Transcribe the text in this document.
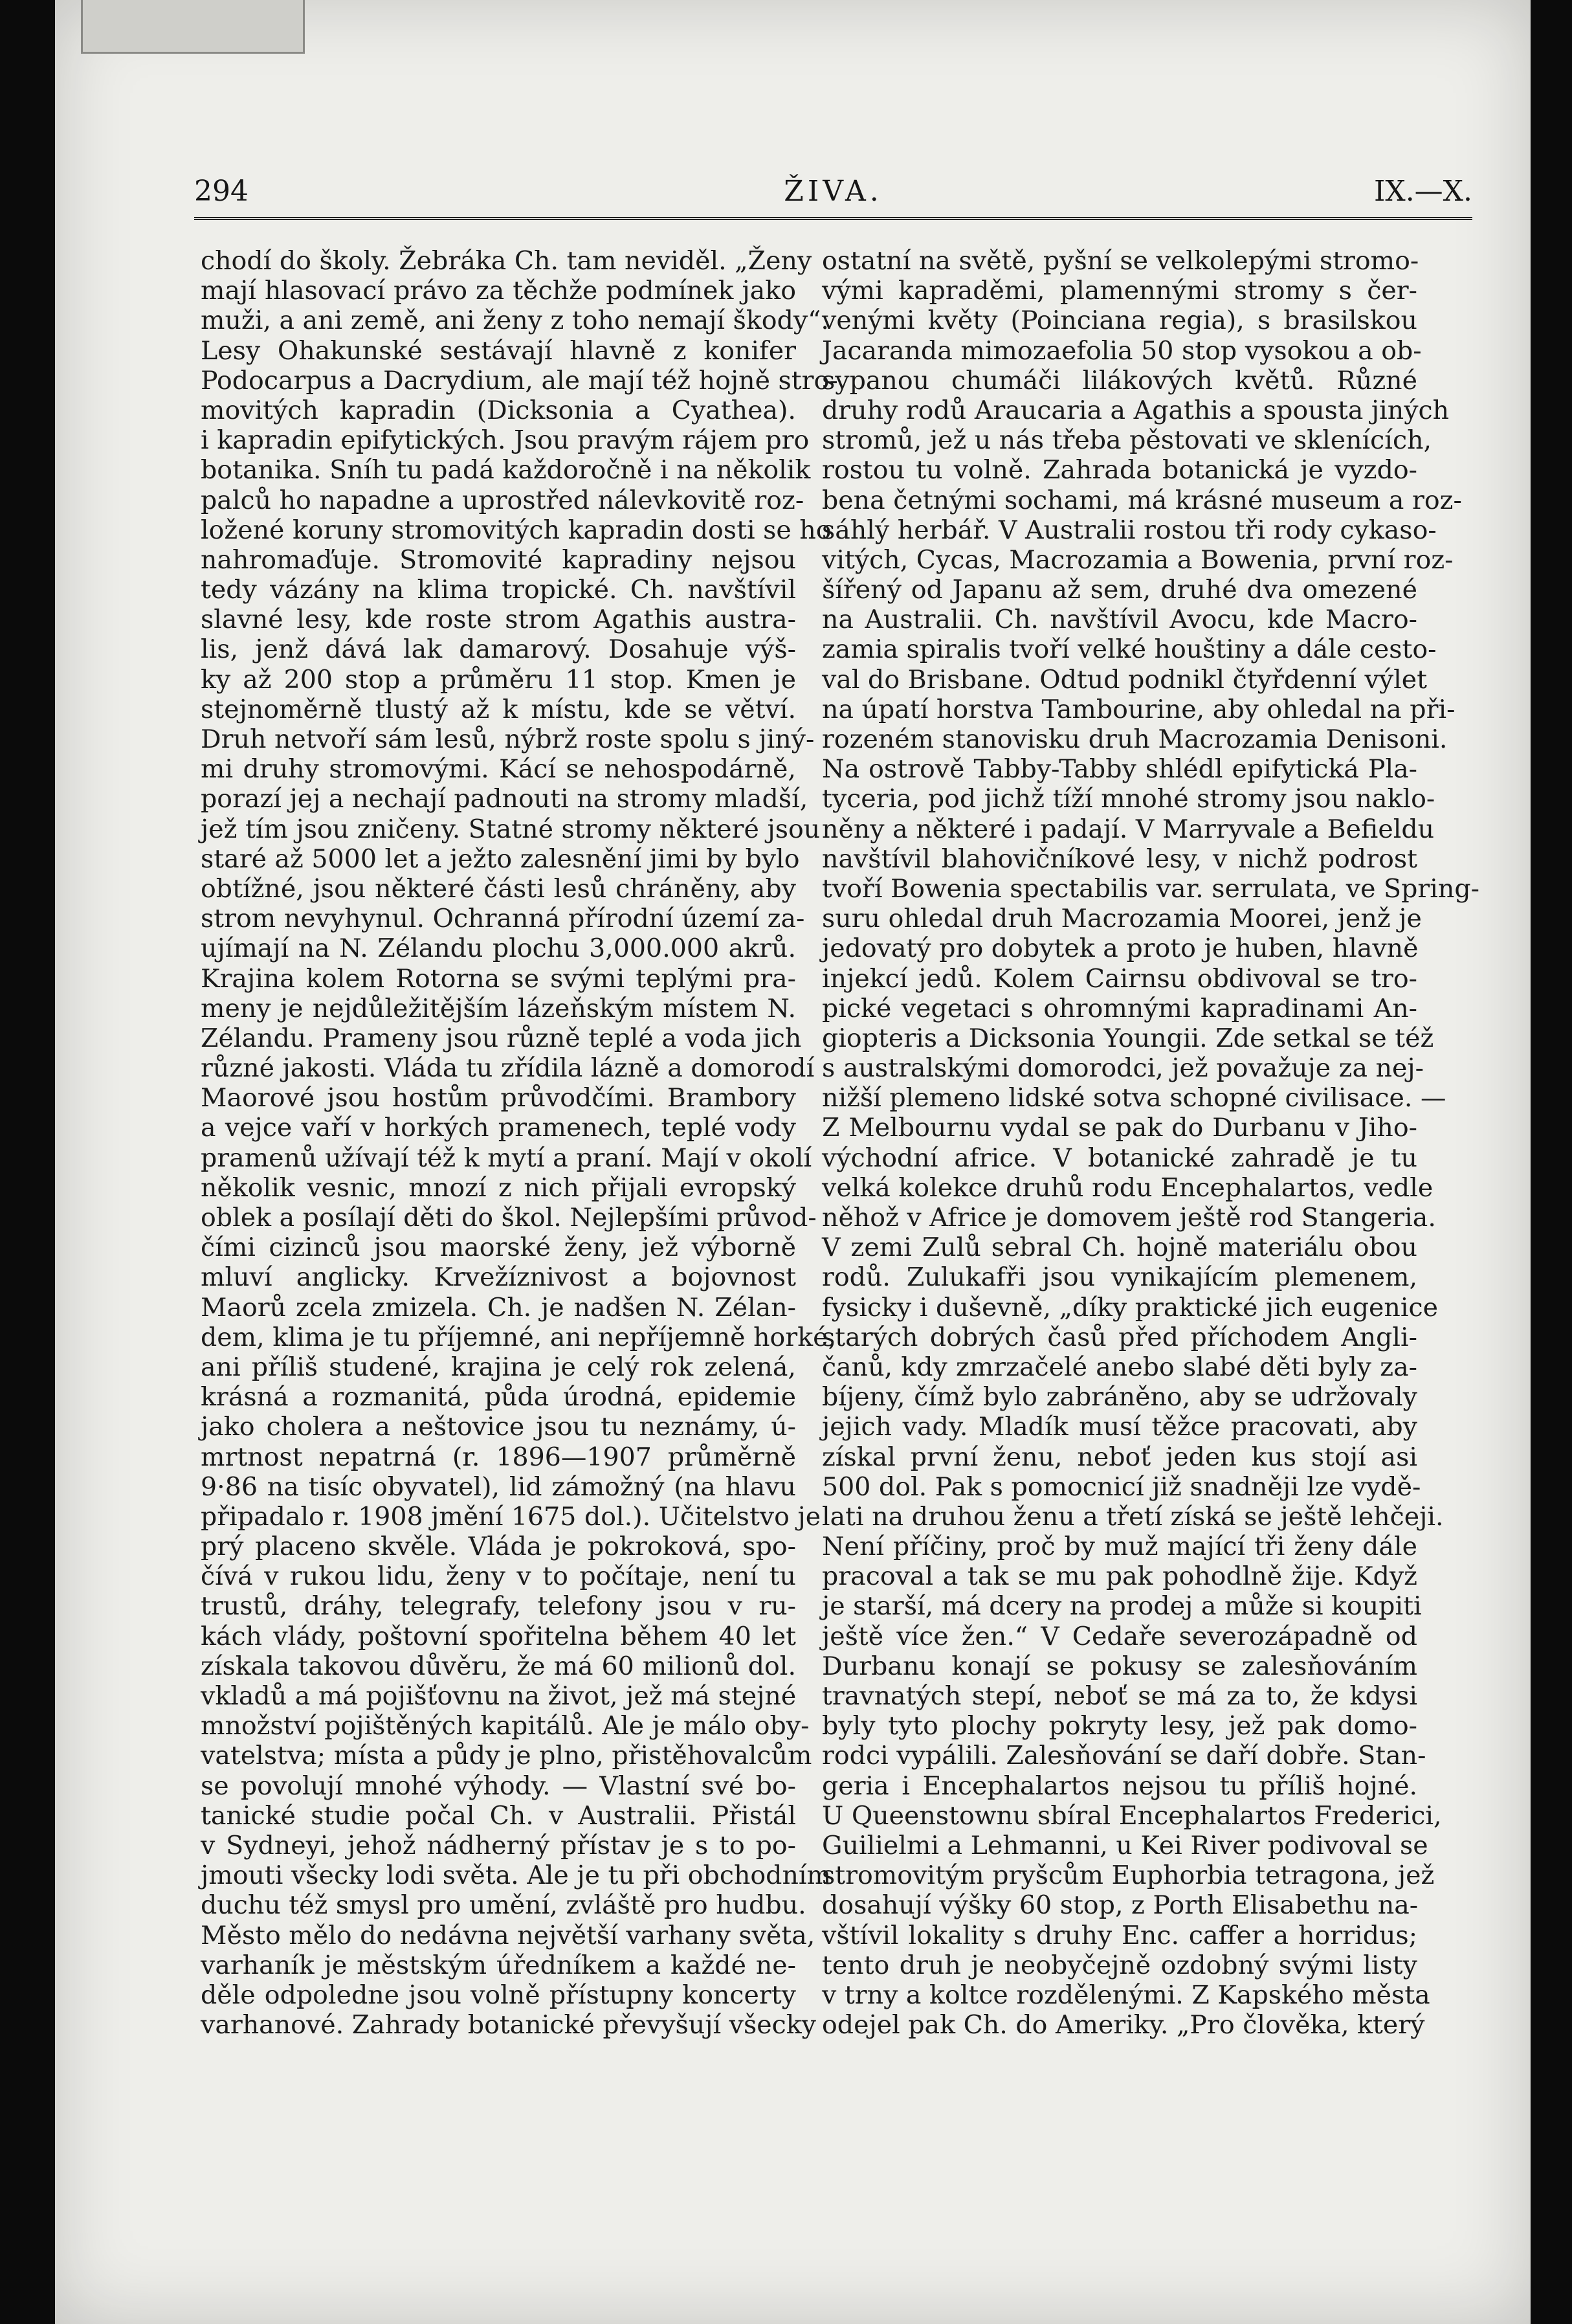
294	ŽIVA.	IX.—X.
chodí do školy. Žebráka Ch. tam neviděl. „Ženy
mají hlasovací právo za těchže podmínek jako
muži, a ani země, ani ženy z toho nemají škody“.
Lesy Ohakunské sestávají hlavně z konifer
Podocarpus a Dacrydium, ale mají též hojně stro-
movitých kapradin (Dicksonia a Cyathea).
i kapradin epifytických. Jsou pravým rájem pro
botanika. Sníh tu padá každoročně i na několik
palců ho napadne a uprostřed nálevkovitě roz-
ložené koruny stromovitých kapradin dosti se ho
nahromaďuje. Stromovité kapradiny nejsou
tedy vázány na klima tropické. Ch. navštívil
slavné lesy, kde roste strom Agathis austra-
lis, jenž dává lak damarový. Dosahuje výš-
ky až 200 stop a průměru 11 stop. Kmen je
stejnoměrně tlustý až k místu, kde se větví.
Druh netvoří sám lesů, nýbrž roste spolu s jiný-
mi druhy stromovými. Kácí se nehospodárně,
porazí jej a nechají padnouti na stromy mladší,
jež tím jsou zničeny. Statné stromy některé jsou
staré až 5000 let a ježto zalesnění jimi by bylo
obtížné, jsou některé části lesů chráněny, aby
strom nevyhynul. Ochranná přírodní území za-
ujímají na N. Zélandu plochu 3,000.000 akrů.
Krajina kolem Rotorna se svými teplými pra-
meny je nejdůležitějším lázeňským místem N.
Zélandu. Prameny jsou různě teplé a voda jich
různé jakosti. Vláda tu zřídila lázně a domorodí
Maorové jsou hostům průvodčími. Brambory
a vejce vaří v horkých pramenech, teplé vody
pramenů užívají též k mytí a praní. Mají v okolí
několik vesnic, mnozí z nich přijali evropský
oblek a posílají děti do škol. Nejlepšími průvod-
čími cizinců jsou maorské ženy, jež výborně
mluví anglicky. Krvežíznivost a bojovnost
Maorů zcela zmizela. Ch. je nadšen N. Zélan-
dem, klima je tu příjemné, ani nepříjemně horké,
ani příliš studené, krajina je celý rok zelená,
krásná a rozmanitá, půda úrodná, epidemie
jako cholera a neštovice jsou tu neznámy, ú-
mrtnost nepatrná (r. 1896—1907 průměrně
9·86 na tisíc obyvatel), lid zámožný (na hlavu
připadalo r. 1908 jmění 1675 dol.). Učitelstvo je
prý placeno skvěle. Vláda je pokroková, spo-
čívá v rukou lidu, ženy v to počítaje, není tu
trustů, dráhy, telegrafy, telefony jsou v ru-
kách vlády, poštovní spořitelna během 40 let
získala takovou důvěru, že má 60 milionů dol.
vkladů a má pojišťovnu na život, jež má stejné
množství pojištěných kapitálů. Ale je málo oby-
vatelstva; místa a půdy je plno, přistěhovalcům
se povolují mnohé výhody. — Vlastní své bo-
tanické studie počal Ch. v Australii. Přistál
v Sydneyi, jehož nádherný přístav je s to po-
jmouti všecky lodi světa. Ale je tu při obchodním
duchu též smysl pro umění, zvláště pro hudbu.
Město mělo do nedávna největší varhany světa,
varhaník je městským úředníkem a každé ne-
děle odpoledne jsou volně přístupny koncerty
varhanové. Zahrady botanické převyšují všecky
ostatní na světě, pyšní se velkolepými stromo-
vými kapraděmi, plamennými stromy s čer-
venými květy (Poinciana regia), s brasilskou
Jacaranda mimozaefolia 50 stop vysokou a ob-
sypanou chumáči lilákových květů. Různé
druhy rodů Araucaria a Agathis a spousta jiných
stromů, jež u nás třeba pěstovati ve sklenících,
rostou tu volně. Zahrada botanická je vyzdo-
bena četnými sochami, má krásné museum a roz-
sáhlý herbář. V Australii rostou tři rody cykaso-
vitých, Cycas, Macrozamia a Bowenia, první roz-
šířený od Japanu až sem, druhé dva omezené
na Australii. Ch. navštívil Avocu, kde Macro-
zamia spiralis tvoří velké houštiny a dále cesto-
val do Brisbane. Odtud podnikl čtyřdenní výlet
na úpatí horstva Tambourine, aby ohledal na při-
rozeném stanovisku druh Macrozamia Denisoni.
Na ostrově Tabby-Tabby shlédl epifytická Pla-
tyceria, pod jichž tíží mnohé stromy jsou naklo-
něny a některé i padají. V Marryvale a Befieldu
navštívil blahovičníkové lesy, v nichž podrost
tvoří Bowenia spectabilis var. serrulata, ve Spring-
suru ohledal druh Macrozamia Moorei, jenž je
jedovatý pro dobytek a proto je huben, hlavně
injekcí jedů. Kolem Cairnsu obdivoval se tro-
pické vegetaci s ohromnými kapradinami An-
giopteris a Dicksonia Youngii. Zde setkal se též
s australskými domorodci, jež považuje za nej-
nižší plemeno lidské sotva schopné civilisace. —
Z Melbournu vydal se pak do Durbanu v Jiho-
východní africe. V botanické zahradě je tu
velká kolekce druhů rodu Encephalartos, vedle
něhož v Africe je domovem ještě rod Stangeria.
V zemi Zulů sebral Ch. hojně materiálu obou
rodů. Zulukafři jsou vynikajícím plemenem,
fysicky i duševně, „díky praktické jich eugenice
starých dobrých časů před příchodem Angli-
čanů, kdy zmrzačelé anebo slabé děti byly za-
bíjeny, čímž bylo zabráněno, aby se udržovaly
jejich vady. Mladík musí těžce pracovati, aby
získal první ženu, neboť jeden kus stojí asi
500 dol. Pak s pomocnicí již snadněji lze vydě-
lati na druhou ženu a třetí získá se ještě lehčeji.
Není příčiny, proč by muž mající tři ženy dále
pracoval a tak se mu pak pohodlně žije. Když
je starší, má dcery na prodej a může si koupiti
ještě více žen.“ V Cedaře severozápadně od
Durbanu konají se pokusy se zalesňováním
travnatých stepí, neboť se má za to, že kdysi
byly tyto plochy pokryty lesy, jež pak domo-
rodci vypálili. Zalesňování se daří dobře. Stan-
geria i Encephalartos nejsou tu příliš hojné.
U Queenstownu sbíral Encephalartos Frederici,
Guilielmi a Lehmanni, u Kei River podivoval se
stromovitým pryšcům Euphorbia tetragona, jež
dosahují výšky 60 stop, z Porth Elisabethu na-
vštívil lokality s druhy Enc. caffer a horridus;
tento druh je neobyčejně ozdobný svými listy
v trny a koltce rozdělenými. Z Kapského města
odejel pak Ch. do Ameriky. „Pro člověka, který
